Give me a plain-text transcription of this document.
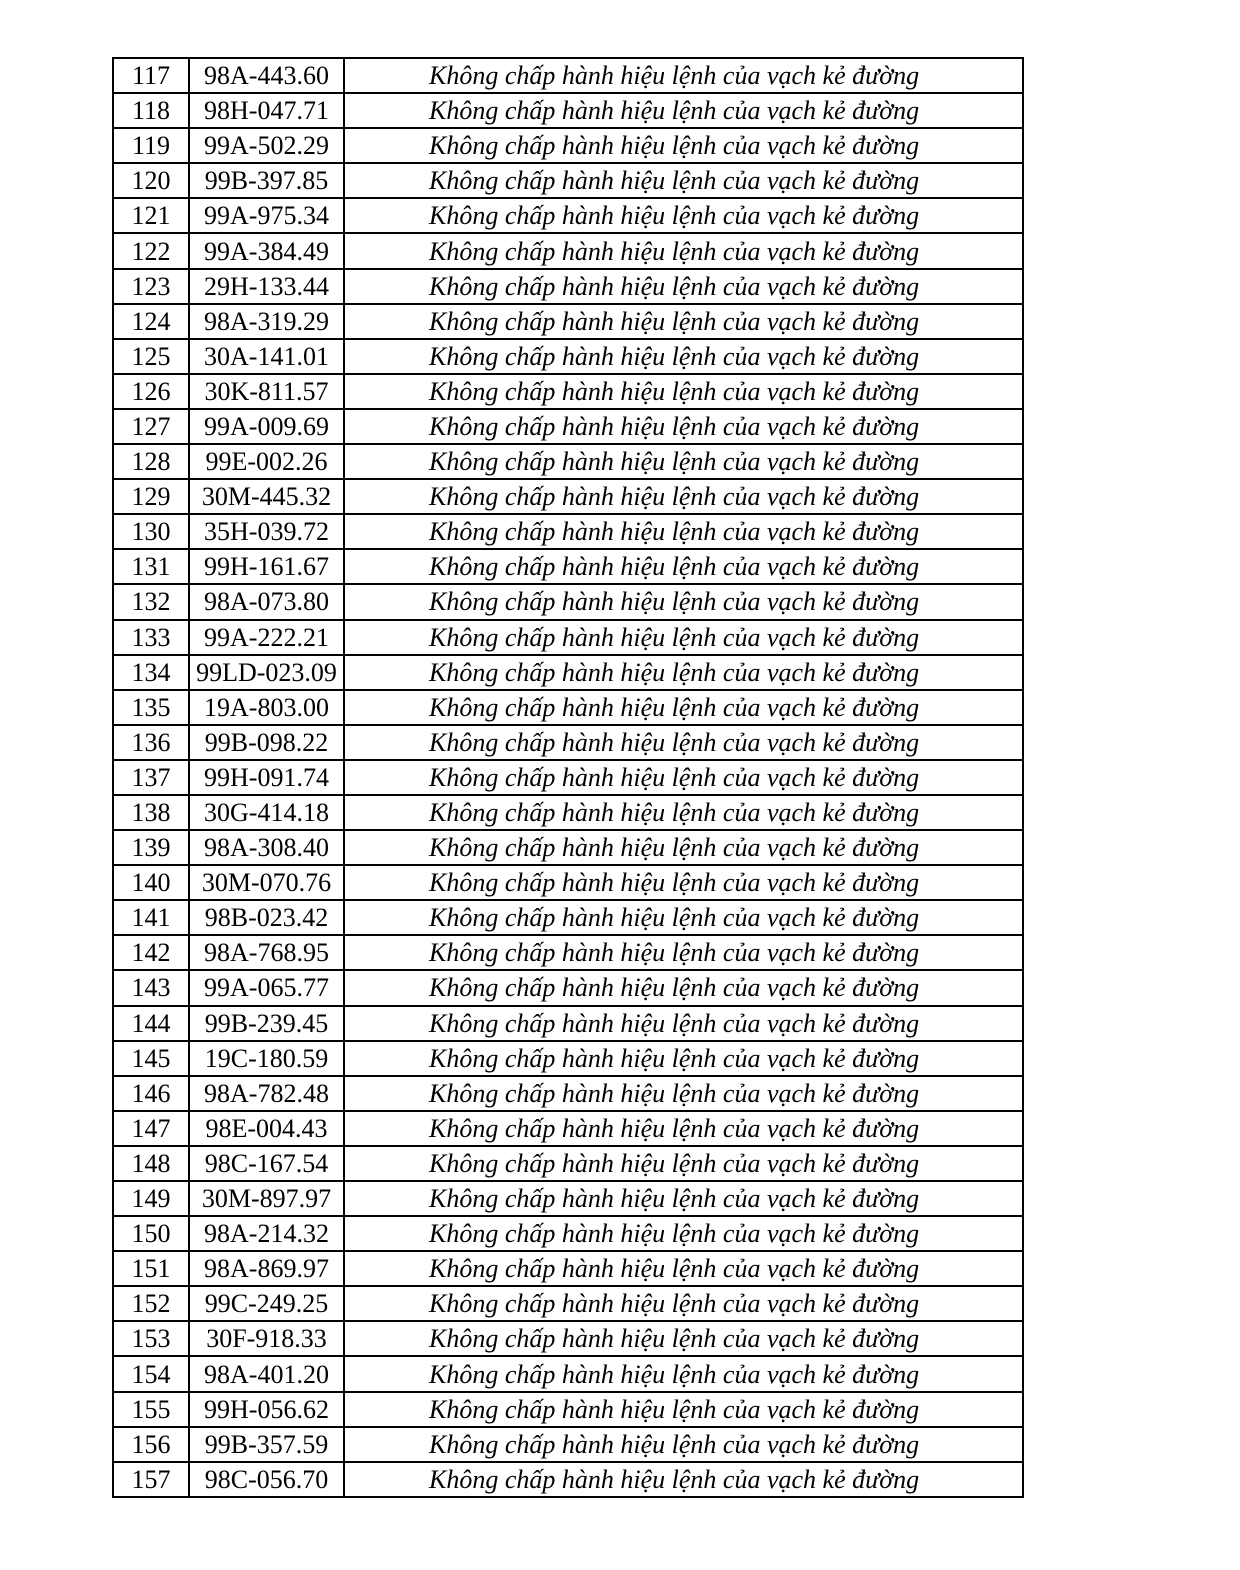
117	98A-443.60	Không chấp hành hiệu lệnh của vạch kẻ đường
118	98H-047.71	Không chấp hành hiệu lệnh của vạch kẻ đường
119	99A-502.29	Không chấp hành hiệu lệnh của vạch kẻ đường
120	99B-397.85	Không chấp hành hiệu lệnh của vạch kẻ đường
121	99A-975.34	Không chấp hành hiệu lệnh của vạch kẻ đường
122	99A-384.49	Không chấp hành hiệu lệnh của vạch kẻ đường
123	29H-133.44	Không chấp hành hiệu lệnh của vạch kẻ đường
124	98A-319.29	Không chấp hành hiệu lệnh của vạch kẻ đường
125	30A-141.01	Không chấp hành hiệu lệnh của vạch kẻ đường
126	30K-811.57	Không chấp hành hiệu lệnh của vạch kẻ đường
127	99A-009.69	Không chấp hành hiệu lệnh của vạch kẻ đường
128	99E-002.26	Không chấp hành hiệu lệnh của vạch kẻ đường
129	30M-445.32	Không chấp hành hiệu lệnh của vạch kẻ đường
130	35H-039.72	Không chấp hành hiệu lệnh của vạch kẻ đường
131	99H-161.67	Không chấp hành hiệu lệnh của vạch kẻ đường
132	98A-073.80	Không chấp hành hiệu lệnh của vạch kẻ đường
133	99A-222.21	Không chấp hành hiệu lệnh của vạch kẻ đường
134	99LD-023.09	Không chấp hành hiệu lệnh của vạch kẻ đường
135	19A-803.00	Không chấp hành hiệu lệnh của vạch kẻ đường
136	99B-098.22	Không chấp hành hiệu lệnh của vạch kẻ đường
137	99H-091.74	Không chấp hành hiệu lệnh của vạch kẻ đường
138	30G-414.18	Không chấp hành hiệu lệnh của vạch kẻ đường
139	98A-308.40	Không chấp hành hiệu lệnh của vạch kẻ đường
140	30M-070.76	Không chấp hành hiệu lệnh của vạch kẻ đường
141	98B-023.42	Không chấp hành hiệu lệnh của vạch kẻ đường
142	98A-768.95	Không chấp hành hiệu lệnh của vạch kẻ đường
143	99A-065.77	Không chấp hành hiệu lệnh của vạch kẻ đường
144	99B-239.45	Không chấp hành hiệu lệnh của vạch kẻ đường
145	19C-180.59	Không chấp hành hiệu lệnh của vạch kẻ đường
146	98A-782.48	Không chấp hành hiệu lệnh của vạch kẻ đường
147	98E-004.43	Không chấp hành hiệu lệnh của vạch kẻ đường
148	98C-167.54	Không chấp hành hiệu lệnh của vạch kẻ đường
149	30M-897.97	Không chấp hành hiệu lệnh của vạch kẻ đường
150	98A-214.32	Không chấp hành hiệu lệnh của vạch kẻ đường
151	98A-869.97	Không chấp hành hiệu lệnh của vạch kẻ đường
152	99C-249.25	Không chấp hành hiệu lệnh của vạch kẻ đường
153	30F-918.33	Không chấp hành hiệu lệnh của vạch kẻ đường
154	98A-401.20	Không chấp hành hiệu lệnh của vạch kẻ đường
155	99H-056.62	Không chấp hành hiệu lệnh của vạch kẻ đường
156	99B-357.59	Không chấp hành hiệu lệnh của vạch kẻ đường
157	98C-056.70	Không chấp hành hiệu lệnh của vạch kẻ đường
